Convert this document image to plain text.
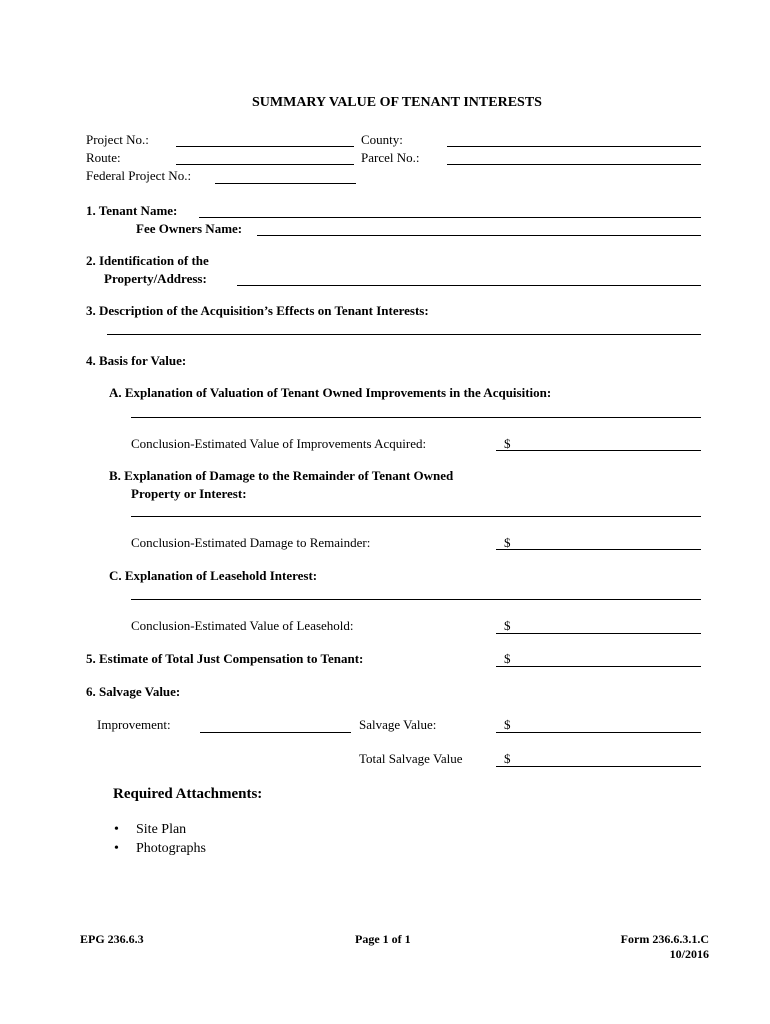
SUMMARY VALUE OF TENANT INTERESTS
Project No.:	County:
Route:	Parcel No.:
Federal Project No.:
1. Tenant Name:
Fee Owners Name:
2. Identification of the
Property/Address:
3. Description of the Acquisition’s Effects on Tenant Interests:
4. Basis for Value:
A. Explanation of Valuation of Tenant Owned Improvements in the Acquisition:
Conclusion-Estimated Value of Improvements Acquired:	$
B. Explanation of Damage to the Remainder of Tenant Owned
Property or Interest:
Conclusion-Estimated Damage to Remainder:	$
C. Explanation of Leasehold Interest:
Conclusion-Estimated Value of Leasehold:	$
5. Estimate of Total Just Compensation to Tenant:	$
6. Salvage Value:
Improvement:	Salvage Value:	$
Total Salvage Value	$
Required Attachments:
• Site Plan
• Photographs
EPG 236.6.3	Page 1 of 1	Form 236.6.3.1.C
10/2016
